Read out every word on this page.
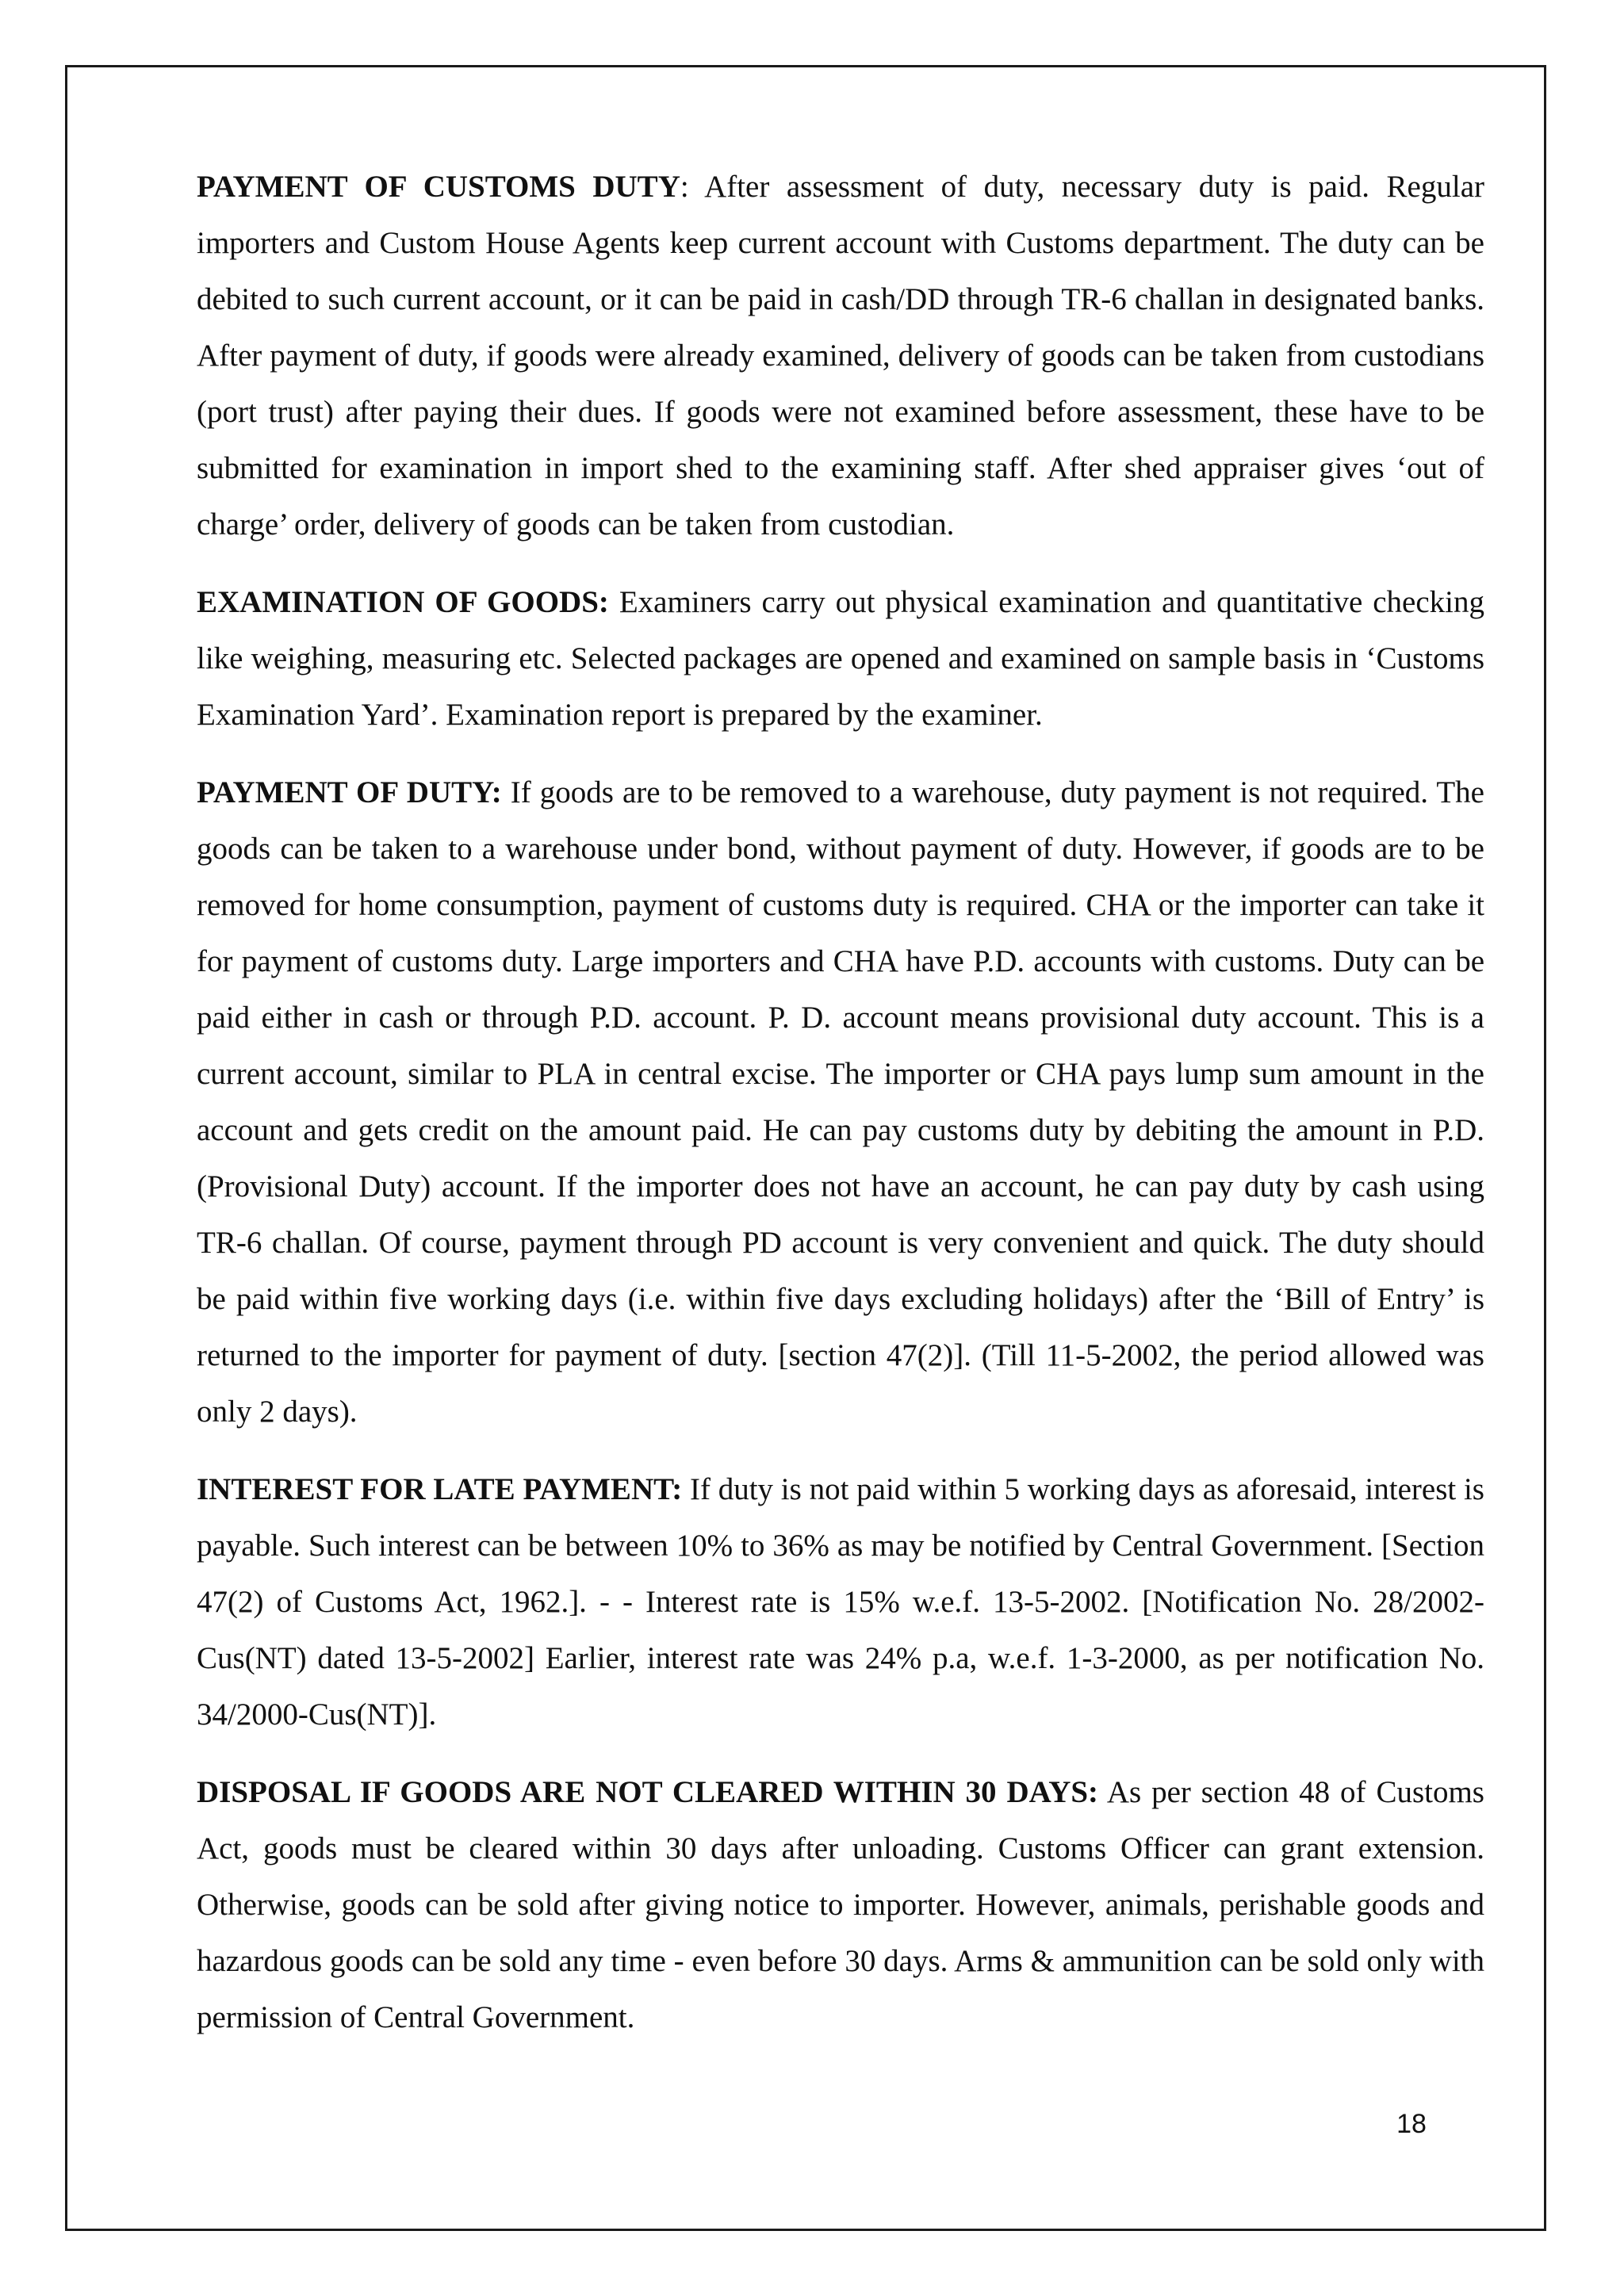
PAYMENT OF CUSTOMS DUTY: After assessment of duty, necessary duty is paid. Regular importers and Custom House Agents keep current account with Customs department. The duty can be debited to such current account, or it can be paid in cash/DD through TR-6 challan in designated banks. After payment of duty, if goods were already examined, delivery of goods can be taken from custodians (port trust) after paying their dues. If goods were not examined before assessment, these have to be submitted for examination in import shed to the examining staff. After shed appraiser gives ‘out of charge’ order, delivery of goods can be taken from custodian.

EXAMINATION OF GOODS: Examiners carry out physical examination and quantitative checking like weighing, measuring etc. Selected packages are opened and examined on sample basis in ‘Customs Examination Yard’. Examination report is prepared by the examiner.

PAYMENT OF DUTY: If goods are to be removed to a warehouse, duty payment is not required. The goods can be taken to a warehouse under bond, without payment of duty. However, if goods are to be removed for home consumption, payment of customs duty is required. CHA or the importer can take it for payment of customs duty. Large importers and CHA have P.D. accounts with customs. Duty can be paid either in cash or through P.D. account. P. D. account means provisional duty account. This is a current account, similar to PLA in central excise. The importer or CHA pays lump sum amount in the account and gets credit on the amount paid. He can pay customs duty by debiting the amount in P.D. (Provisional Duty) account. If the importer does not have an account, he can pay duty by cash using TR-6 challan. Of course, payment through PD account is very convenient and quick. The duty should be paid within five working days (i.e. within five days excluding holidays) after the ‘Bill of Entry’ is returned to the importer for payment of duty. [section 47(2)]. (Till 11-5-2002, the period allowed was only 2 days).

INTEREST FOR LATE PAYMENT: If duty is not paid within 5 working days as aforesaid, interest is payable. Such interest can be between 10% to 36% as may be notified by Central Government. [Section 47(2) of Customs Act, 1962.]. - - Interest rate is 15% w.e.f. 13-5-2002. [Notification No. 28/2002-Cus(NT) dated 13-5-2002] Earlier, interest rate was 24% p.a, w.e.f. 1-3-2000, as per notification No. 34/2000-Cus(NT)].

DISPOSAL IF GOODS ARE NOT CLEARED WITHIN 30 DAYS: As per section 48 of Customs Act, goods must be cleared within 30 days after unloading. Customs Officer can grant extension. Otherwise, goods can be sold after giving notice to importer. However, animals, perishable goods and hazardous goods can be sold any time - even before 30 days. Arms & ammunition can be sold only with permission of Central Government.

18
